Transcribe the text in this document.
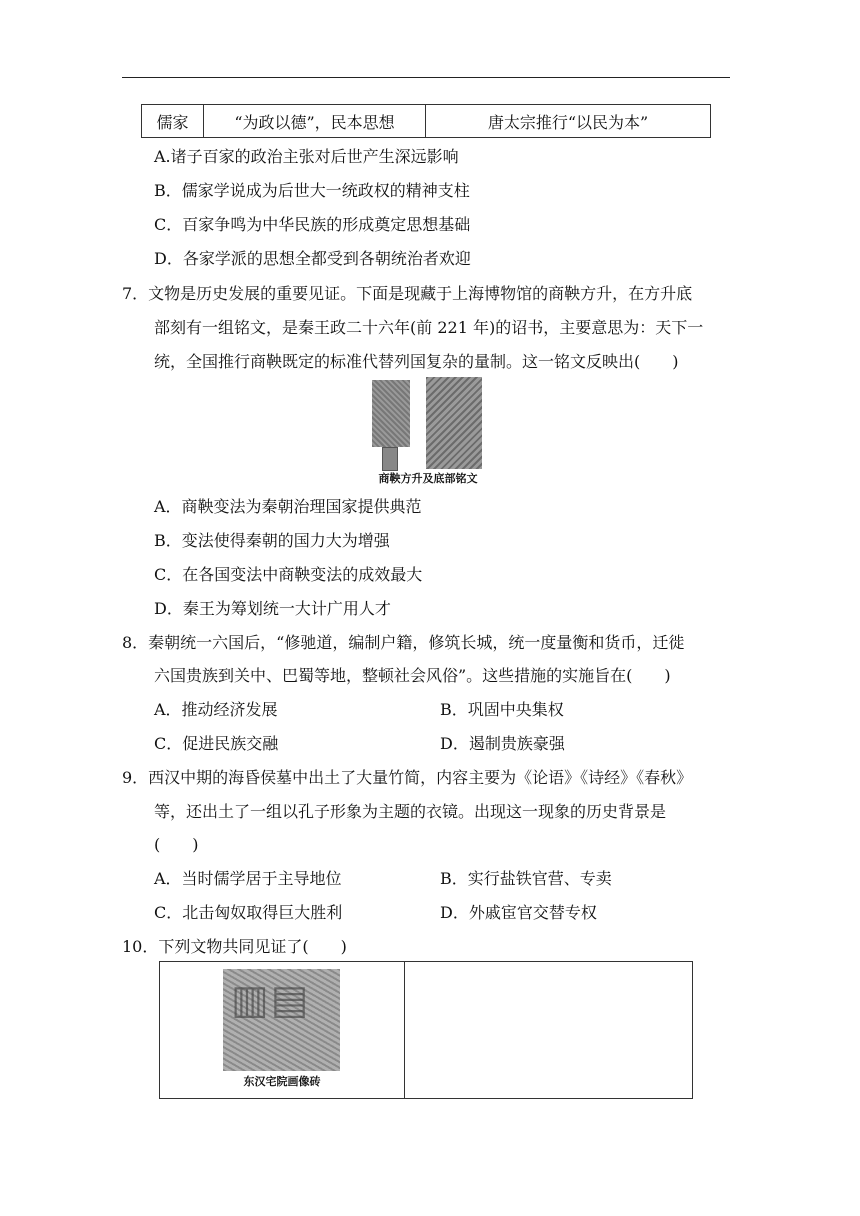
儒家	“为政以德”，民本思想	唐太宗推行“以民为本”
A.诸子百家的政治主张对后世产生深远影响
B．儒家学说成为后世大一统政权的精神支柱
C．百家争鸣为中华民族的形成奠定思想基础
D．各家学派的思想全都受到各朝统治者欢迎
7．文物是历史发展的重要见证。下面是现藏于上海博物馆的商鞅方升，在方升底
部刻有一组铭文，是秦王政二十六年(前 221 年)的诏书，主要意思为：天下一
统，全国推行商鞅既定的标准代替列国复杂的量制。这一铭文反映出(　　)
商鞅方升及底部铭文
A．商鞅变法为秦朝治理国家提供典范
B．变法使得秦朝的国力大为增强
C．在各国变法中商鞅变法的成效最大
D．秦王为筹划统一大计广用人才
8．秦朝统一六国后，“修驰道，编制户籍，修筑长城，统一度量衡和货币，迁徙
六国贵族到关中、巴蜀等地，整顿社会风俗”。这些措施的实施旨在(　　)
A．推动经济发展	B．巩固中央集权
C．促进民族交融	D．遏制贵族豪强
9．西汉中期的海昏侯墓中出土了大量竹简，内容主要为《论语》《诗经》《春秋》
等，还出土了一组以孔子形象为主题的衣镜。出现这一现象的历史背景是
(　　)
A．当时儒学居于主导地位	B．实行盐铁官营、专卖
C．北击匈奴取得巨大胜利	D．外戚宦官交替专权
10．下列文物共同见证了(　　)
▥▤
东汉宅院画像砖
